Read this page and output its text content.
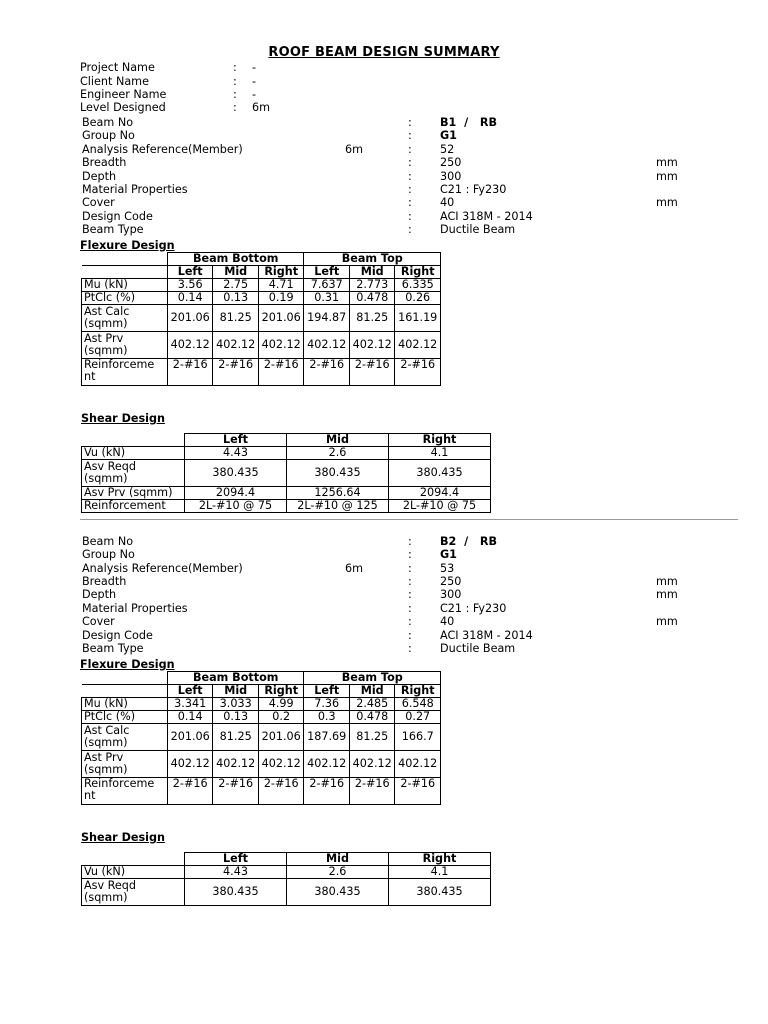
ROOF BEAM DESIGN SUMMARY
Project Name	: -
Client Name	: -
Engineer Name	: -
Level Designed	: 6m
Beam No	:	B1  /   RB
Group No	:	G1
Analysis Reference(Member)	6m	:	52
Breadth	:	250	mm
Depth	:	300	mm
Material Properties	:	C21 : Fy230
Cover	:	40	mm
Design Code	:	ACI 318M - 2014
Beam Type	:	Ductile Beam
Flexure Design
	Beam Bottom			Beam Top		
	Left	Mid	Right	Left	Mid	Right
Mu (kN)	3.56	2.75	4.71	7.637	2.773	6.335
PtClc (%)	0.14	0.13	0.19	0.31	0.478	0.26
Ast Calc (sqmm)	201.06	81.25	201.06	194.87	81.25	161.19
Ast Prv (sqmm)	402.12	402.12	402.12	402.12	402.12	402.12
Reinforceme nt	2-#16	2-#16	2-#16	2-#16	2-#16	2-#16
Shear Design
	Left	Mid	Right
Vu (kN)	4.43	2.6	4.1
Asv Reqd (sqmm)	380.435	380.435	380.435
Asv Prv (sqmm)	2094.4	1256.64	2094.4
Reinforcement	2L-#10 @ 75	2L-#10 @ 125	2L-#10 @ 75
Beam No	:	B2  /   RB
Group No	:	G1
Analysis Reference(Member)	6m	:	53
Breadth	:	250	mm
Depth	:	300	mm
Material Properties	:	C21 : Fy230
Cover	:	40	mm
Design Code	:	ACI 318M - 2014
Beam Type	:	Ductile Beam
Flexure Design
	Beam Bottom			Beam Top		
	Left	Mid	Right	Left	Mid	Right
Mu (kN)	3.341	3.033	4.99	7.36	2.485	6.548
PtClc (%)	0.14	0.13	0.2	0.3	0.478	0.27
Ast Calc (sqmm)	201.06	81.25	201.06	187.69	81.25	166.7
Ast Prv (sqmm)	402.12	402.12	402.12	402.12	402.12	402.12
Reinforceme nt	2-#16	2-#16	2-#16	2-#16	2-#16	2-#16
Shear Design
	Left	Mid	Right
Vu (kN)	4.43	2.6	4.1
Asv Reqd (sqmm)	380.435	380.435	380.435
